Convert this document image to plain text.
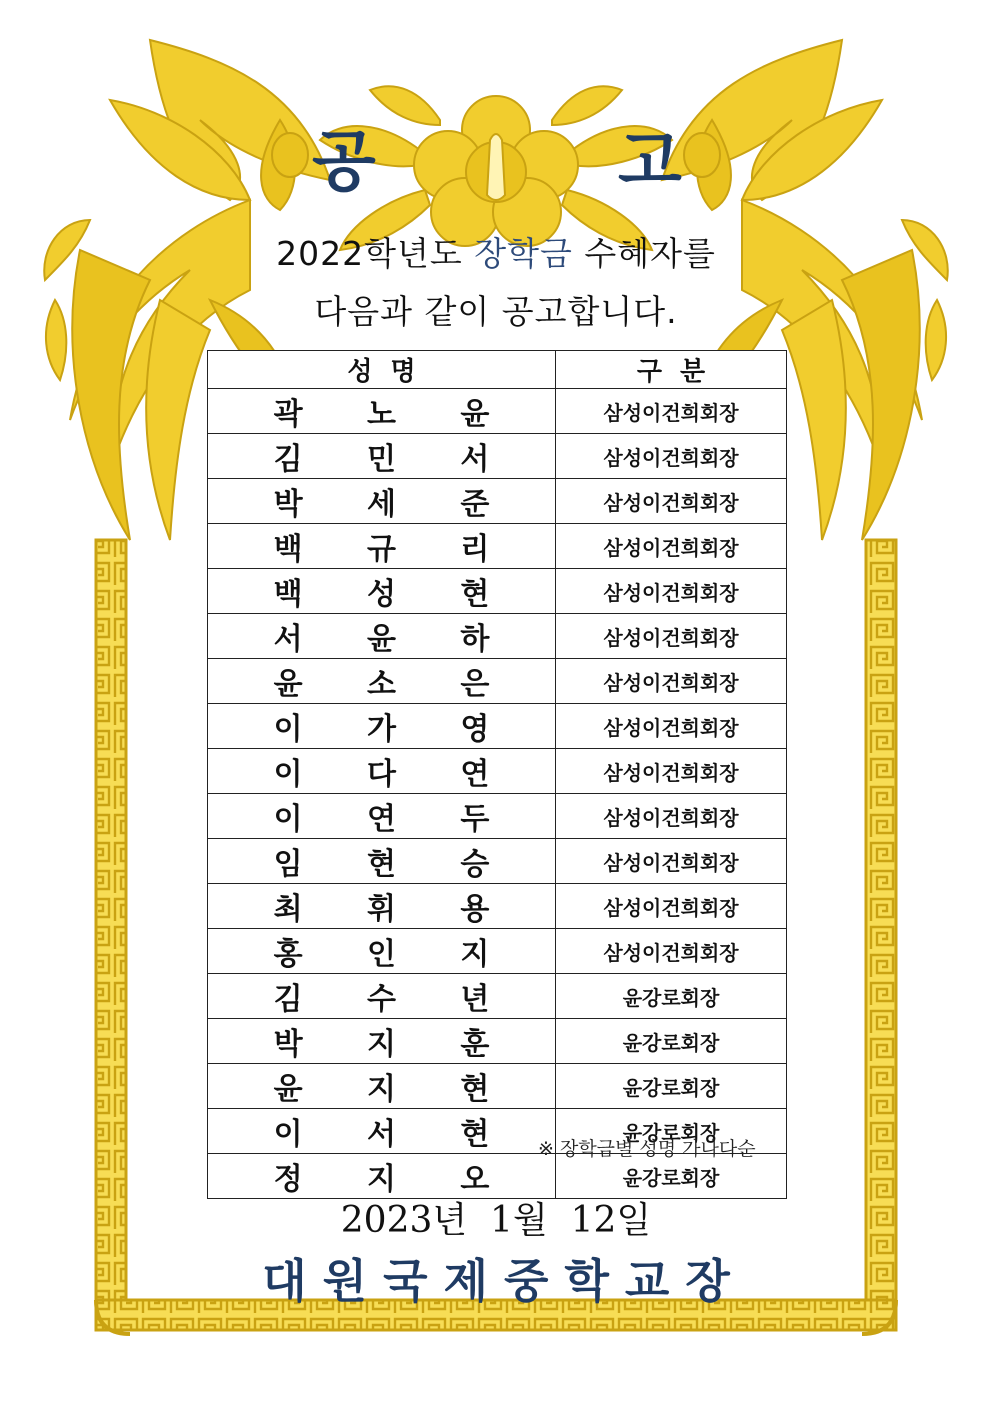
공	고
2022학년도 장학금 수혜자를
다음과 같이 공고합니다.
성  명	구  분
곽 노 윤	삼성이건희회장
김 민 서	삼성이건희회장
박 세 준	삼성이건희회장
백 규 리	삼성이건희회장
백 성 현	삼성이건희회장
서 윤 하	삼성이건희회장
윤 소 은	삼성이건희회장
이 가 영	삼성이건희회장
이 다 연	삼성이건희회장
이 연 두	삼성이건희회장
임 현 승	삼성이건희회장
최 휘 용	삼성이건희회장
홍 인 지	삼성이건희회장
김 수 년	윤강로회장
박 지 훈	윤강로회장
윤 지 현	윤강로회장
이 서 현	윤강로회장
정 지 오	윤강로회장
※ 장학금별 성명 가나다순
2023년  1월  12일
대 원 국 제 중 학 교 장
